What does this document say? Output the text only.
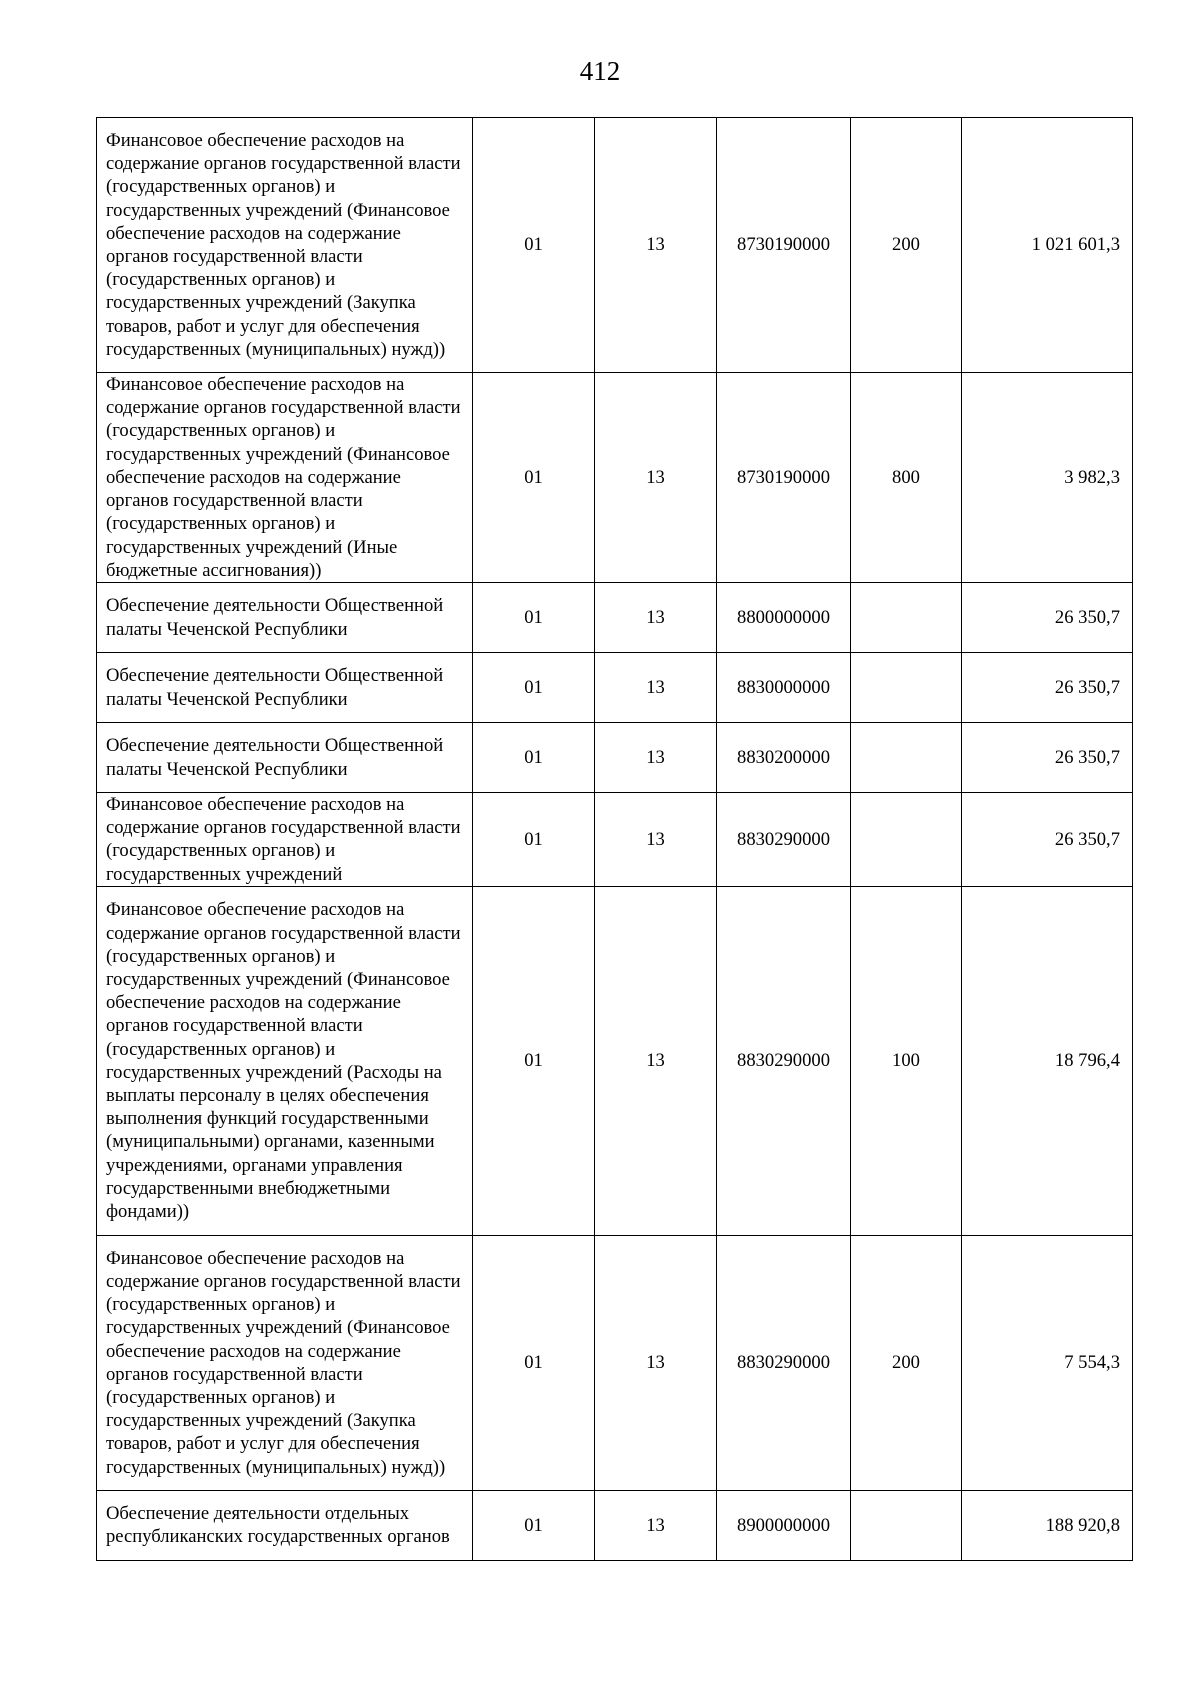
412
Финансовое обеспечение расходов на содержание органов государственной власти (государственных органов) и государственных учреждений (Финансовое обеспечение расходов на содержание органов государственной власти (государственных органов) и государственных учреждений (Закупка товаров, работ и услуг для обеспечения государственных (муниципальных) нужд))	01	13	8730190000	200	1 021 601,3
Финансовое обеспечение расходов на содержание органов государственной власти (государственных органов) и государственных учреждений (Финансовое обеспечение расходов на содержание органов государственной власти (государственных органов) и государственных учреждений (Иные бюджетные ассигнования))	01	13	8730190000	800	3 982,3
Обеспечение деятельности Общественной палаты Чеченской Республики	01	13	8800000000		26 350,7
Обеспечение деятельности Общественной палаты Чеченской Республики	01	13	8830000000		26 350,7
Обеспечение деятельности Общественной палаты Чеченской Республики	01	13	8830200000		26 350,7
Финансовое обеспечение расходов на содержание органов государственной власти (государственных органов) и государственных учреждений	01	13	8830290000		26 350,7
Финансовое обеспечение расходов на содержание органов государственной власти (государственных органов) и государственных учреждений (Финансовое обеспечение расходов на содержание органов государственной власти (государственных органов) и государственных учреждений (Расходы на выплаты персоналу в целях обеспечения выполнения функций государственными (муниципальными) органами, казенными учреждениями, органами управления государственными внебюджетными фондами))	01	13	8830290000	100	18 796,4
Финансовое обеспечение расходов на содержание органов государственной власти (государственных органов) и государственных учреждений (Финансовое обеспечение расходов на содержание органов государственной власти (государственных органов) и государственных учреждений (Закупка товаров, работ и услуг для обеспечения государственных (муниципальных) нужд))	01	13	8830290000	200	7 554,3
Обеспечение деятельности отдельных республиканских государственных органов	01	13	8900000000		188 920,8
